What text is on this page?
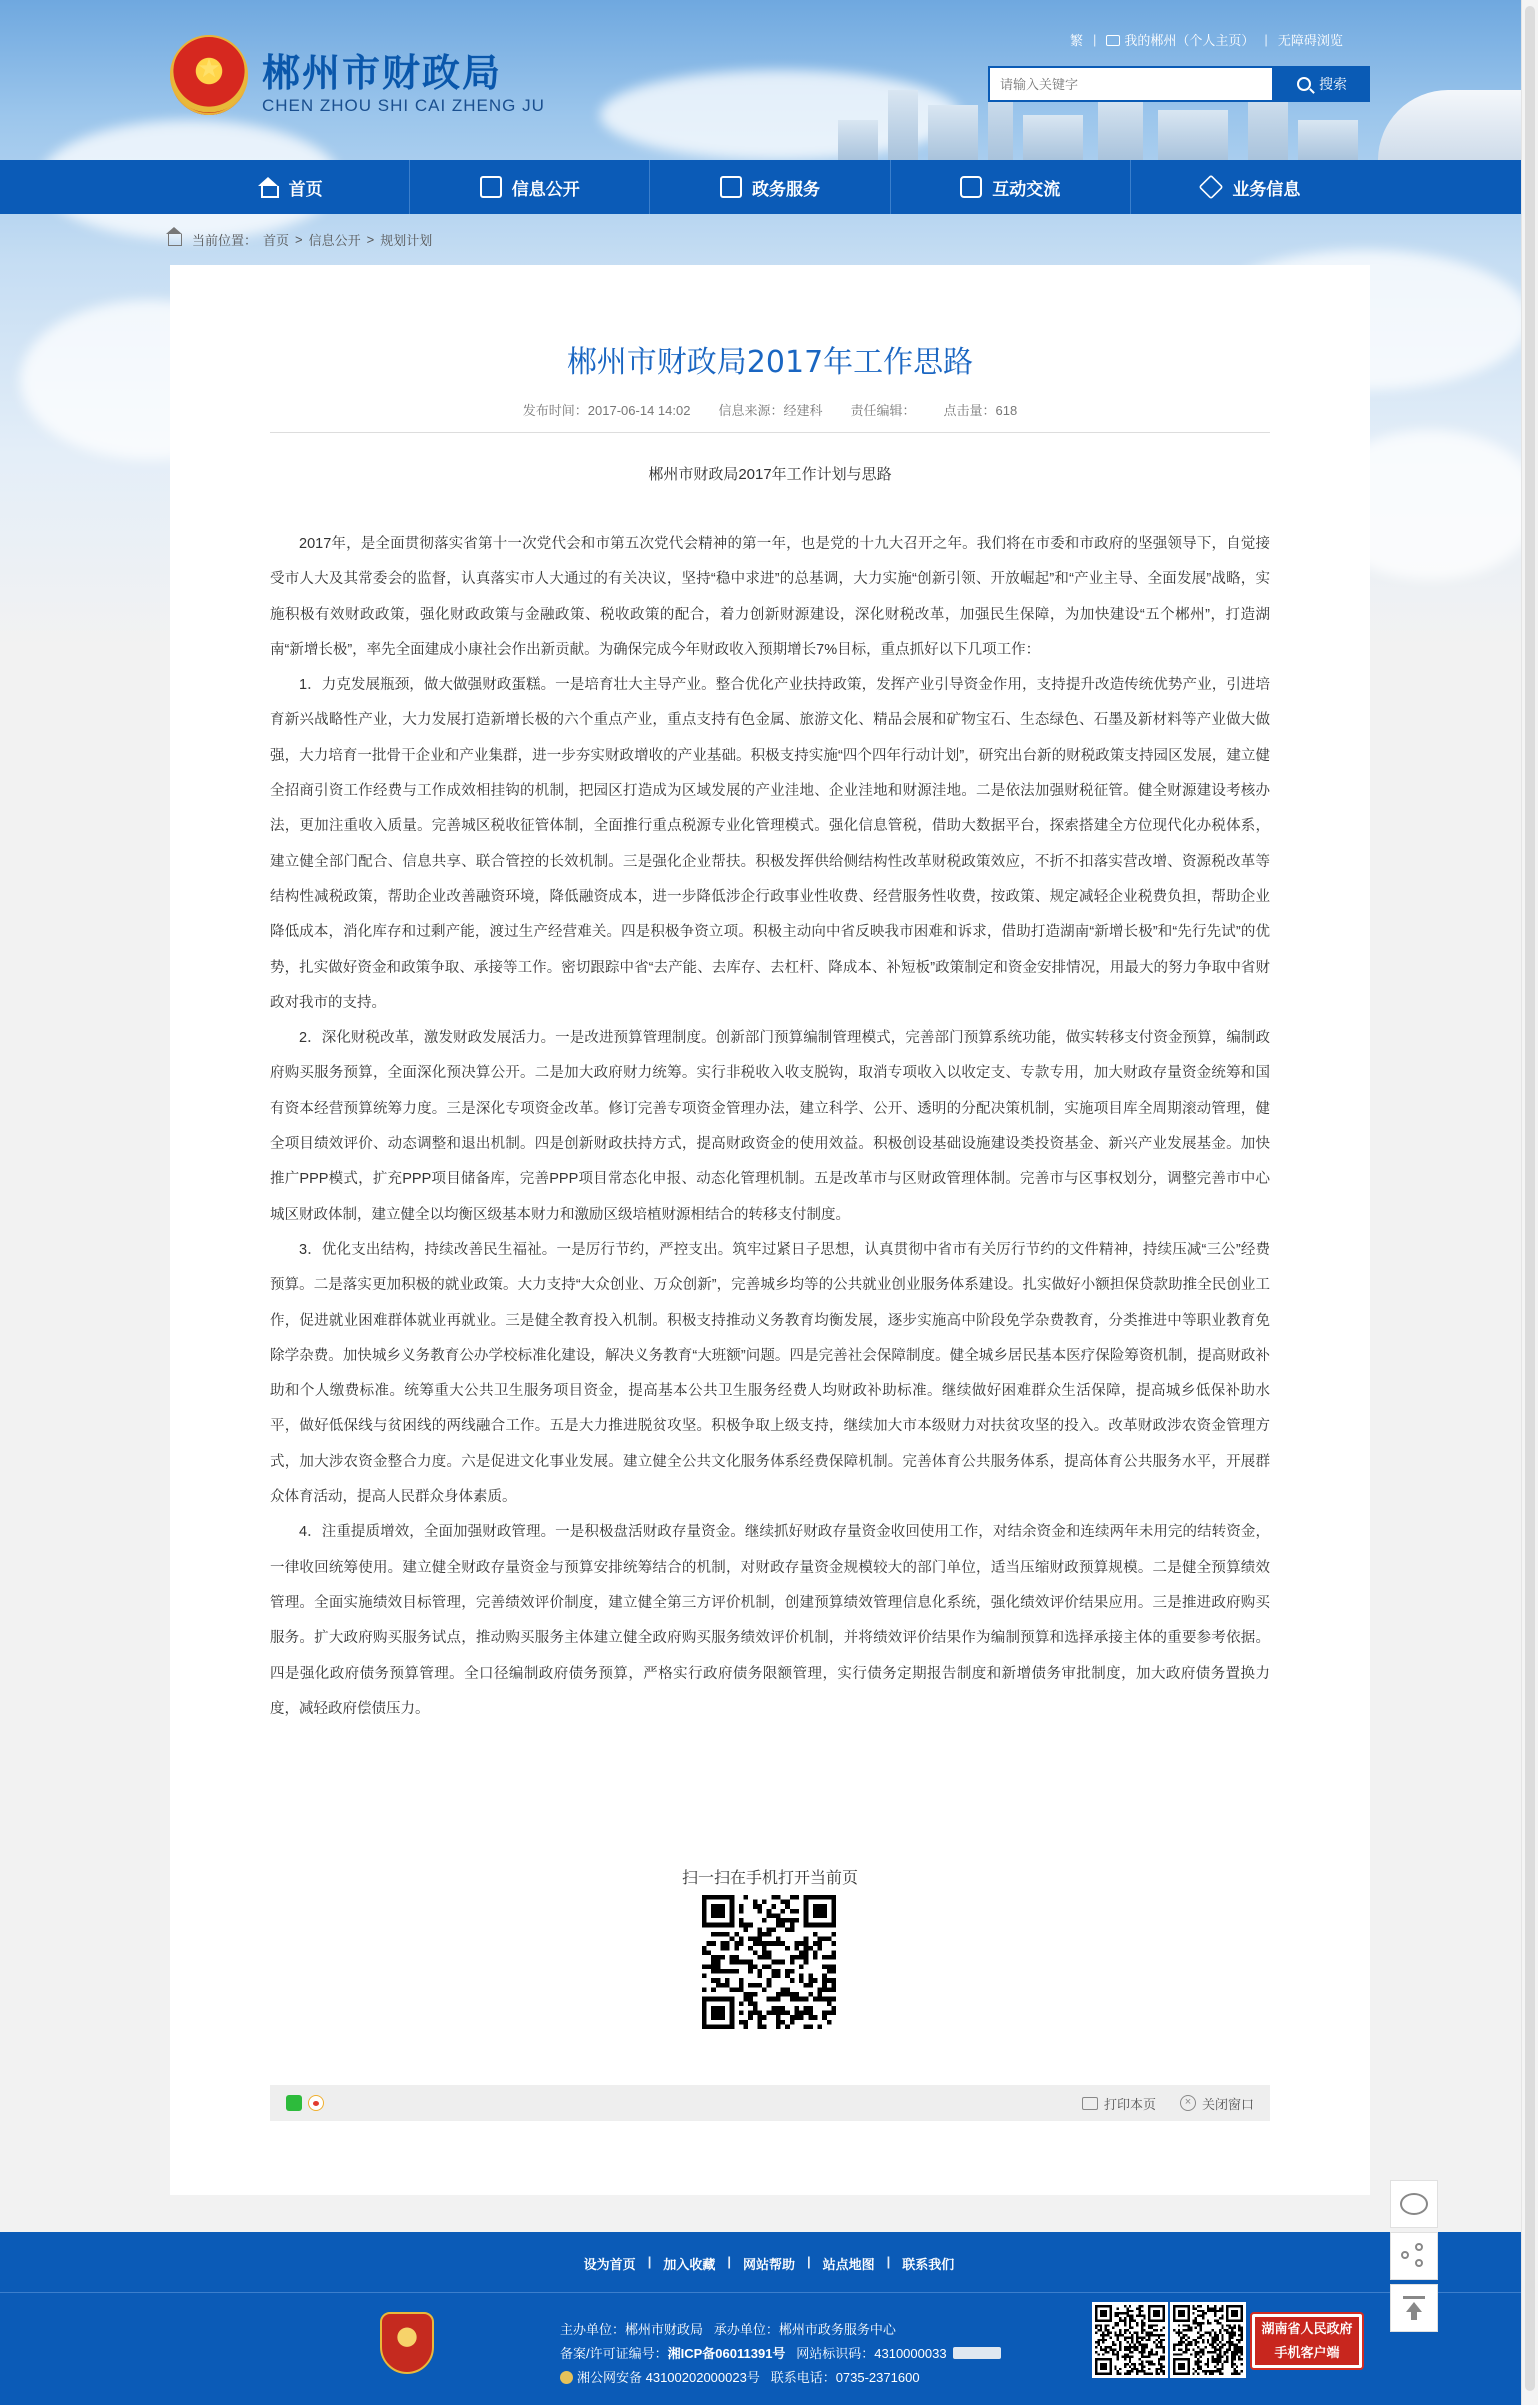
★
郴州市财政局
CHEN ZHOU SHI CAI ZHENG JU
繁 |	我的郴州（个人主页） | 无障碍浏览
请输入关键字
搜索
首页	信息公开	政务服务	互动交流	业务信息
当前位置： 首页 > 信息公开 > 规划计划
郴州市财政局2017年工作思路
发布时间：2017-06-14 14:02 信息来源：经建科 责任编辑： 点击量：618
郴州市财政局2017年工作计划与思路

2017年，是全面贯彻落实省第十一次党代会和市第五次党代会精神的第一年，也是党的十九大召开之年。我们将在市委和市政府的坚强领导下，自觉接受市人大及其常委会的监督，认真落实市人大通过的有关决议，坚持“稳中求进”的总基调，大力实施“创新引领、开放崛起”和“产业主导、全面发展”战略，实施积极有效财政政策，强化财政政策与金融政策、税收政策的配合，着力创新财源建设，深化财税改革，加强民生保障，为加快建设“五个郴州”，打造湖南“新增长极”，率先全面建成小康社会作出新贡献。为确保完成今年财政收入预期增长7%目标，重点抓好以下几项工作：

1．力克发展瓶颈，做大做强财政蛋糕。一是培育壮大主导产业。整合优化产业扶持政策，发挥产业引导资金作用，支持提升改造传统优势产业，引进培育新兴战略性产业，大力发展打造新增长极的六个重点产业，重点支持有色金属、旅游文化、精品会展和矿物宝石、生态绿色、石墨及新材料等产业做大做强，大力培育一批骨干企业和产业集群，进一步夯实财政增收的产业基础。积极支持实施“四个四年行动计划”，研究出台新的财税政策支持园区发展，建立健全招商引资工作经费与工作成效相挂钩的机制，把园区打造成为区域发展的产业洼地、企业洼地和财源洼地。二是依法加强财税征管。健全财源建设考核办法，更加注重收入质量。完善城区税收征管体制，全面推行重点税源专业化管理模式。强化信息管税，借助大数据平台，探索搭建全方位现代化办税体系，建立健全部门配合、信息共享、联合管控的长效机制。三是强化企业帮扶。积极发挥供给侧结构性改革财税政策效应，不折不扣落实营改增、资源税改革等结构性减税政策，帮助企业改善融资环境，降低融资成本，进一步降低涉企行政事业性收费、经营服务性收费，按政策、规定减轻企业税费负担，帮助企业降低成本，消化库存和过剩产能，渡过生产经营难关。四是积极争资立项。积极主动向中省反映我市困难和诉求，借助打造湖南“新增长极”和“先行先试”的优势，扎实做好资金和政策争取、承接等工作。密切跟踪中省“去产能、去库存、去杠杆、降成本、补短板”政策制定和资金安排情况，用最大的努力争取中省财政对我市的支持。

2．深化财税改革，激发财政发展活力。一是改进预算管理制度。创新部门预算编制管理模式，完善部门预算系统功能，做实转移支付资金预算，编制政府购买服务预算，全面深化预决算公开。二是加大政府财力统筹。实行非税收入收支脱钩，取消专项收入以收定支、专款专用，加大财政存量资金统筹和国有资本经营预算统筹力度。三是深化专项资金改革。修订完善专项资金管理办法，建立科学、公开、透明的分配决策机制，实施项目库全周期滚动管理，健全项目绩效评价、动态调整和退出机制。四是创新财政扶持方式，提高财政资金的使用效益。积极创设基础设施建设类投资基金、新兴产业发展基金。加快推广PPP模式，扩充PPP项目储备库，完善PPP项目常态化申报、动态化管理机制。五是改革市与区财政管理体制。完善市与区事权划分，调整完善市中心城区财政体制，建立健全以均衡区级基本财力和激励区级培植财源相结合的转移支付制度。

3．优化支出结构，持续改善民生福祉。一是厉行节约，严控支出。筑牢过紧日子思想，认真贯彻中省市有关厉行节约的文件精神，持续压减“三公”经费预算。二是落实更加积极的就业政策。大力支持“大众创业、万众创新”，完善城乡均等的公共就业创业服务体系建设。扎实做好小额担保贷款助推全民创业工作，促进就业困难群体就业再就业。三是健全教育投入机制。积极支持推动义务教育均衡发展，逐步实施高中阶段免学杂费教育，分类推进中等职业教育免除学杂费。加快城乡义务教育公办学校标准化建设，解决义务教育“大班额”问题。四是完善社会保障制度。健全城乡居民基本医疗保险筹资机制，提高财政补助和个人缴费标准。统筹重大公共卫生服务项目资金，提高基本公共卫生服务经费人均财政补助标准。继续做好困难群众生活保障，提高城乡低保补助水平，做好低保线与贫困线的两线融合工作。五是大力推进脱贫攻坚。积极争取上级支持，继续加大市本级财力对扶贫攻坚的投入。改革财政涉农资金管理方式，加大涉农资金整合力度。六是促进文化事业发展。建立健全公共文化服务体系经费保障机制。完善体育公共服务体系，提高体育公共服务水平，开展群众体育活动，提高人民群众身体素质。

4．注重提质增效，全面加强财政管理。一是积极盘活财政存量资金。继续抓好财政存量资金收回使用工作，对结余资金和连续两年未用完的结转资金，一律收回统筹使用。建立健全财政存量资金与预算安排统筹结合的机制，对财政存量资金规模较大的部门单位，适当压缩财政预算规模。二是健全预算绩效管理。全面实施绩效目标管理，完善绩效评价制度，建立健全第三方评价机制，创建预算绩效管理信息化系统，强化绩效评价结果应用。三是推进政府购买服务。扩大政府购买服务试点，推动购买服务主体建立健全政府购买服务绩效评价机制，并将绩效评价结果作为编制预算和选择承接主体的重要参考依据。四是强化政府债务预算管理。全口径编制政府债务预算，严格实行政府债务限额管理，实行债务定期报告制度和新增债务审批制度，加大政府债务置换力度，减轻政府偿债压力。

扫一扫在手机打开当前页
打印本页	× 关闭窗口
设为首页 | 加入收藏 | 网站帮助 | 站点地图 | 联系我们
主办单位：郴州市财政局 承办单位：郴州市政务服务中心
备案/许可证编号：湘ICP备06011391号 网站标识码：4310000033
湘公网安备 43100202000023号 联系电话：0735-2371600
湖南省人民政府
手机客户端
